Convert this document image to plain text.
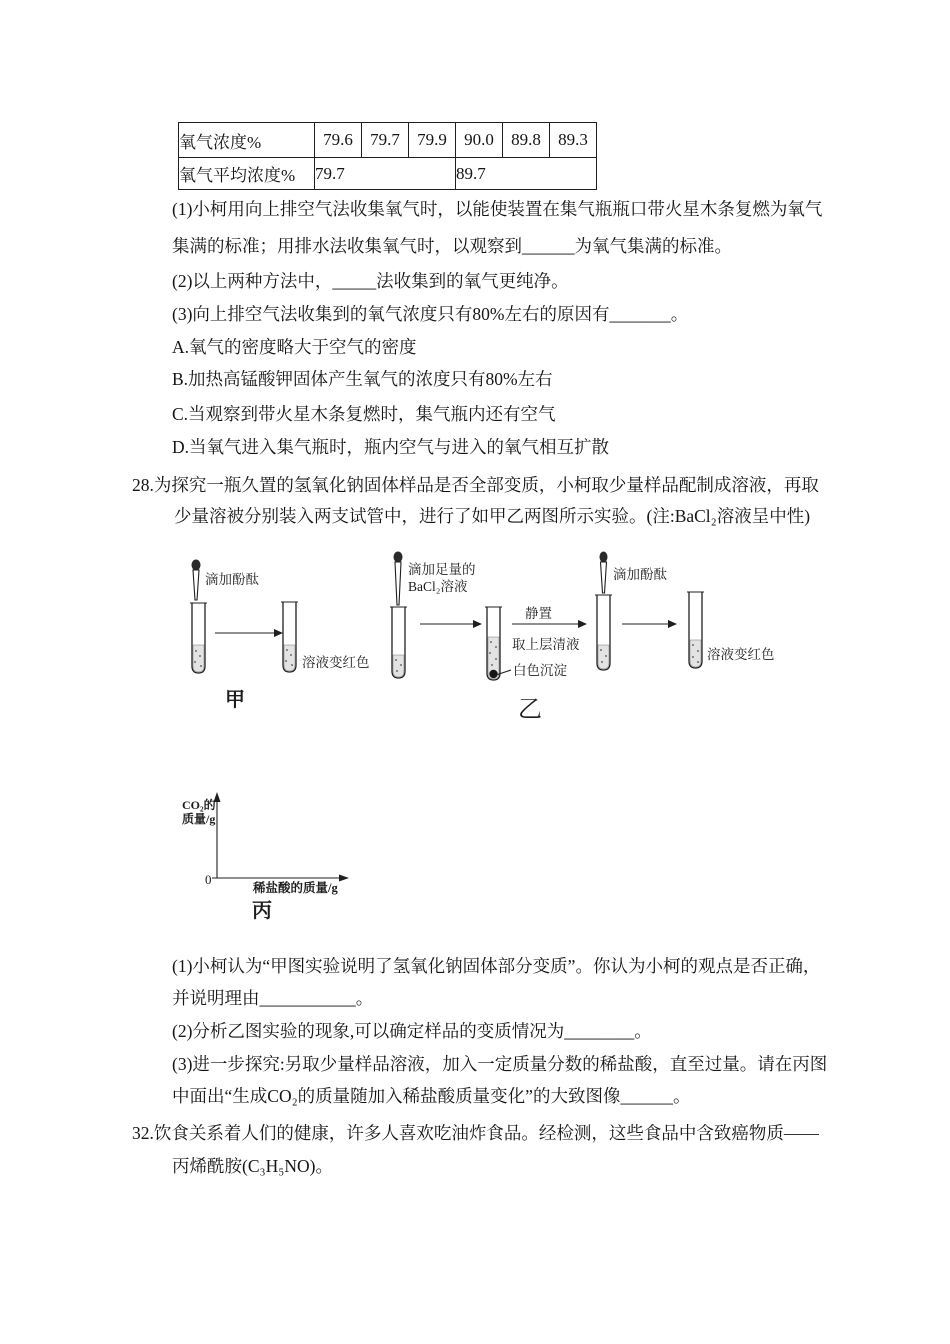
氧气浓度%	79.6	79.7	79.9	90.0	89.8	89.3
氧气平均浓度%	79.7			89.7		
(1)小柯用向上排空气法收集氧气时，以能使装置在集气瓶瓶口带火星木条复燃为氧气
集满的标准；用排水法收集氧气时，以观察到______为氧气集满的标准。
(2)以上两种方法中，_____法收集到的氧气更纯净。
(3)向上排空气法收集到的氧气浓度只有80%左右的原因有_______。
A.氧气的密度略大于空气的密度
B.加热高锰酸钾固体产生氧气的浓度只有80%左右
C.当观察到带火星木条复燃时，集气瓶内还有空气
D.当氧气进入集气瓶时，瓶内空气与进入的氧气相互扩散
28.为探究一瓶久置的氢氧化钠固体样品是否全部变质，小柯取少量样品配制成溶液，再取
少量溶被分别装入两支试管中，进行了如甲乙两图所示实验。(注:BaCl₂溶液呈中性)
滴加酚酞
溶液变红色
甲
滴加足量的
BaCl₂溶液
白色沉淀
静置
取上层清液
滴加酚酞
溶液变红色
乙
CO₂的
质量/g
0
稀盐酸的质量/g
丙
(1)小柯认为“甲图实验说明了氢氧化钠固体部分变质”。你认为小柯的观点是否正确，
并说明理由___________。
(2)分析乙图实验的现象,可以确定样品的变质情况为________。
(3)进一步探究:另取少量样品溶液，加入一定质量分数的稀盐酸，直至过量。请在丙图
中面出“生成CO₂的质量随加入稀盐酸质量变化”的大致图像______。
32.饮食关系着人们的健康，许多人喜欢吃油炸食品。经检测，这些食品中含致癌物质——
丙烯酰胺(C₃H₅NO)。
